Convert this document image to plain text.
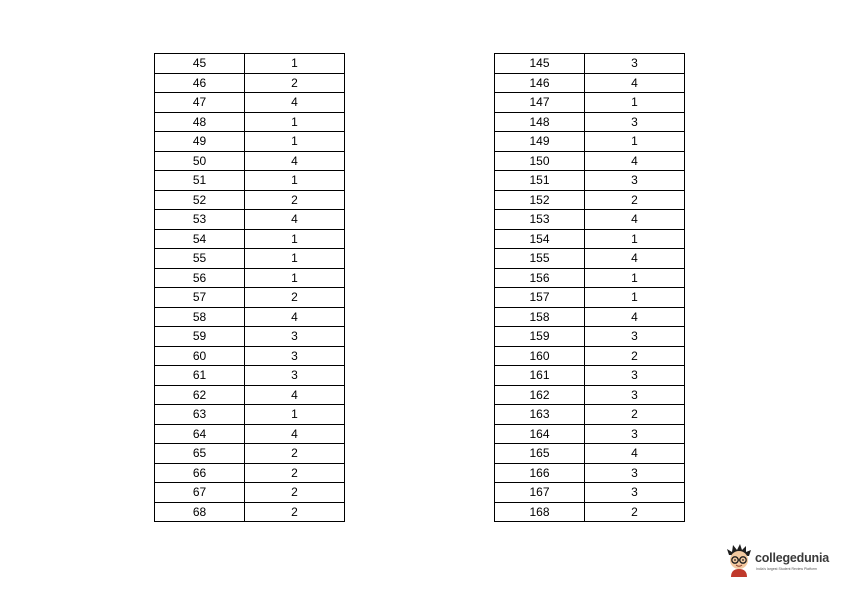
45	1
46	2
47	4
48	1
49	1
50	4
51	1
52	2
53	4
54	1
55	1
56	1
57	2
58	4
59	3
60	3
61	3
62	4
63	1
64	4
65	2
66	2
67	2
68	2
145	3
146	4
147	1
148	3
149	1
150	4
151	3
152	2
153	4
154	1
155	4
156	1
157	1
158	4
159	3
160	2
161	3
162	3
163	2
164	3
165	4
166	3
167	3
168	2
collegedunia
India's largest Student Review Platform
